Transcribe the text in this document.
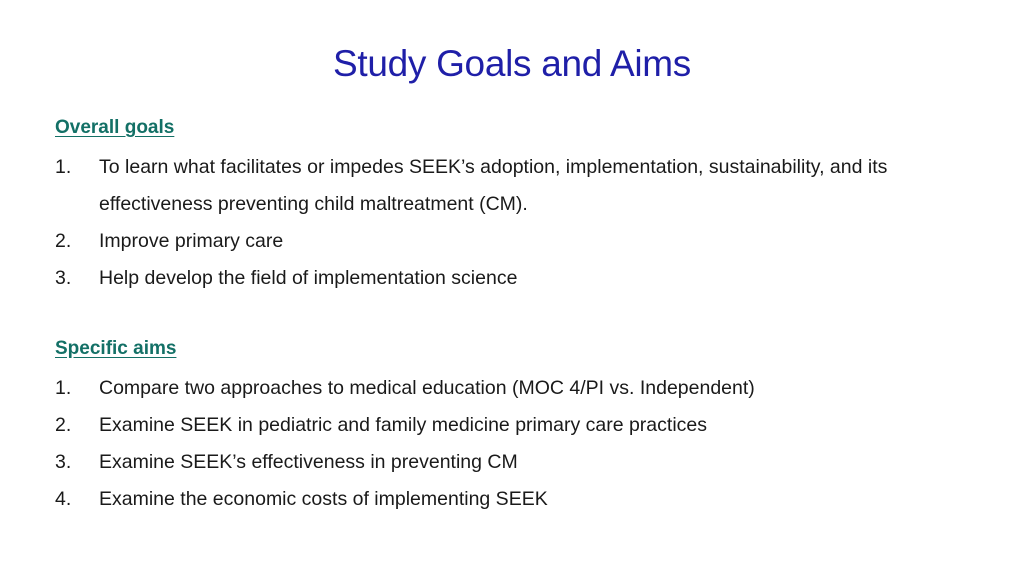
Study Goals and Aims
Overall goals
1.	To learn what facilitates or impedes SEEK’s adoption, implementation, sustainability, and its effectiveness preventing child maltreatment (CM).
2.	Improve primary care
3.	Help develop the field of implementation science
Specific aims
1.	Compare two approaches to medical education (MOC 4/PI vs. Independent)
2.	Examine SEEK in pediatric and family medicine primary care practices
3.	Examine SEEK’s effectiveness in preventing CM
4.	Examine the economic costs of implementing SEEK
